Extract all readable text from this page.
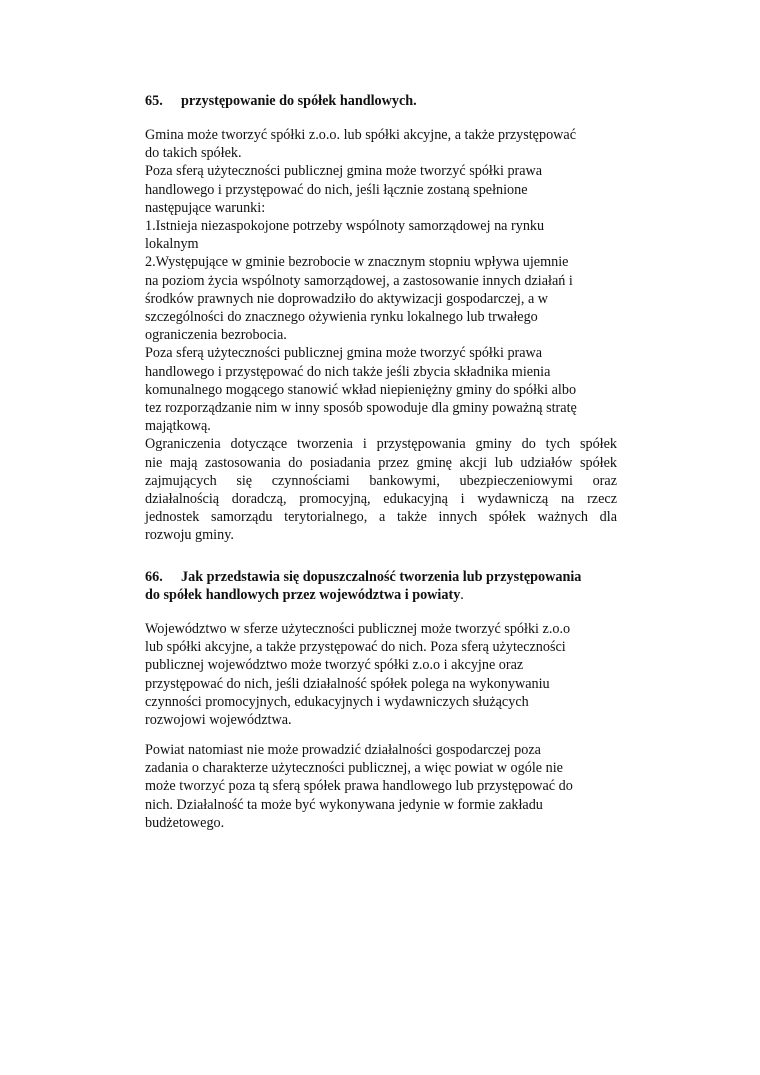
65. przystępowanie do spółek handlowych.

Gmina może tworzyć spółki z.o.o. lub spółki akcyjne, a także przystępować
do takich spółek.
Poza sferą użyteczności publicznej gmina może tworzyć spółki prawa
handlowego i przystępować do nich, jeśli łącznie zostaną spełnione
następujące warunki:
1.Istnieja niezaspokojone potrzeby wspólnoty samorządowej na rynku
lokalnym
2.Występujące w gminie bezrobocie w znacznym stopniu wpływa ujemnie
na poziom życia wspólnoty samorządowej, a zastosowanie innych działań i
środków prawnych nie doprowadziło do aktywizacji gospodarczej, a w
szczególności do znacznego ożywienia rynku lokalnego lub trwałego
ograniczenia bezrobocia.
Poza sferą użyteczności publicznej gmina może tworzyć spółki prawa
handlowego i przystępować do nich także jeśli zbycia składnika mienia
komunalnego mogącego stanowić wkład niepieniężny gminy do spółki albo
tez rozporządzanie nim w inny sposób spowoduje dla gminy poważną stratę
majątkową.
Ograniczenia dotyczące tworzenia i przystępowania gminy do tych spółek
nie mają zastosowania do posiadania przez gminę akcji lub udziałów spółek
zajmujących się czynnościami bankowymi, ubezpieczeniowymi oraz
działalnością doradczą, promocyjną, edukacyjną i wydawniczą na rzecz
jednostek samorządu terytorialnego, a także innych spółek ważnych dla
rozwoju gminy.

66. Jak przedstawia się dopuszczalność tworzenia lub przystępowania

do spółek handlowych przez województwa i powiaty.

Województwo w sferze użyteczności publicznej może tworzyć spółki z.o.o
lub spółki akcyjne, a także przystępować do nich. Poza sferą użyteczności
publicznej województwo może tworzyć spółki z.o.o i akcyjne oraz
przystępować do nich, jeśli działalność spółek polega na wykonywaniu
czynności promocyjnych, edukacyjnych i wydawniczych służących
rozwojowi województwa.
Powiat natomiast nie może prowadzić działalności gospodarczej poza
zadania o charakterze użyteczności publicznej, a więc powiat w ogóle nie
może tworzyć poza tą sferą spółek prawa handlowego lub przystępować do
nich. Działalność ta może być wykonywana jedynie w formie zakładu
budżetowego.
